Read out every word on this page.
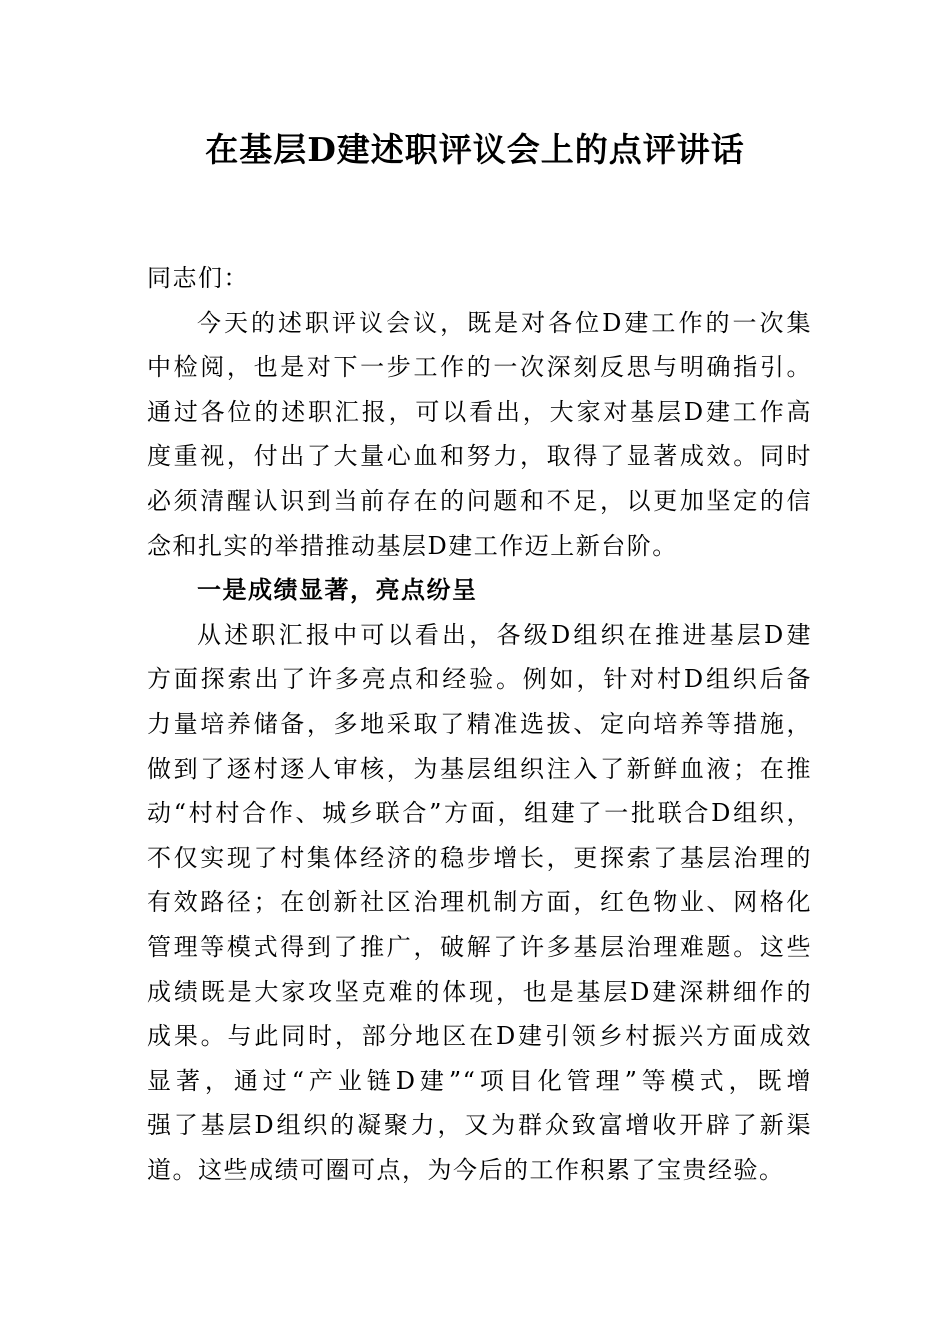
在基层D建述职评议会上的点评讲话
同志们：
今天的述职评议会议，既是对各位D建工作的一次集
中检阅，也是对下一步工作的一次深刻反思与明确指引。
通过各位的述职汇报，可以看出，大家对基层D建工作高
度重视，付出了大量心血和努力，取得了显著成效。同时
必须清醒认识到当前存在的问题和不足，以更加坚定的信
念和扎实的举措推动基层D建工作迈上新台阶。
一是成绩显著，亮点纷呈
从述职汇报中可以看出，各级D组织在推进基层D建
方面探索出了许多亮点和经验。例如，针对村D组织后备
力量培养储备，多地采取了精准选拔、定向培养等措施，
做到了逐村逐人审核，为基层组织注入了新鲜血液；在推
动“村村合作、城乡联合”方面，组建了一批联合D组织，
不仅实现了村集体经济的稳步增长，更探索了基层治理的
有效路径；在创新社区治理机制方面，红色物业、网格化
管理等模式得到了推广，破解了许多基层治理难题。这些
成绩既是大家攻坚克难的体现，也是基层D建深耕细作的
成果。与此同时，部分地区在D建引领乡村振兴方面成效
显著，通过“产业链D建”“项目化管理”等模式，既增
强了基层D组织的凝聚力，又为群众致富增收开辟了新渠
道。这些成绩可圈可点，为今后的工作积累了宝贵经验。
